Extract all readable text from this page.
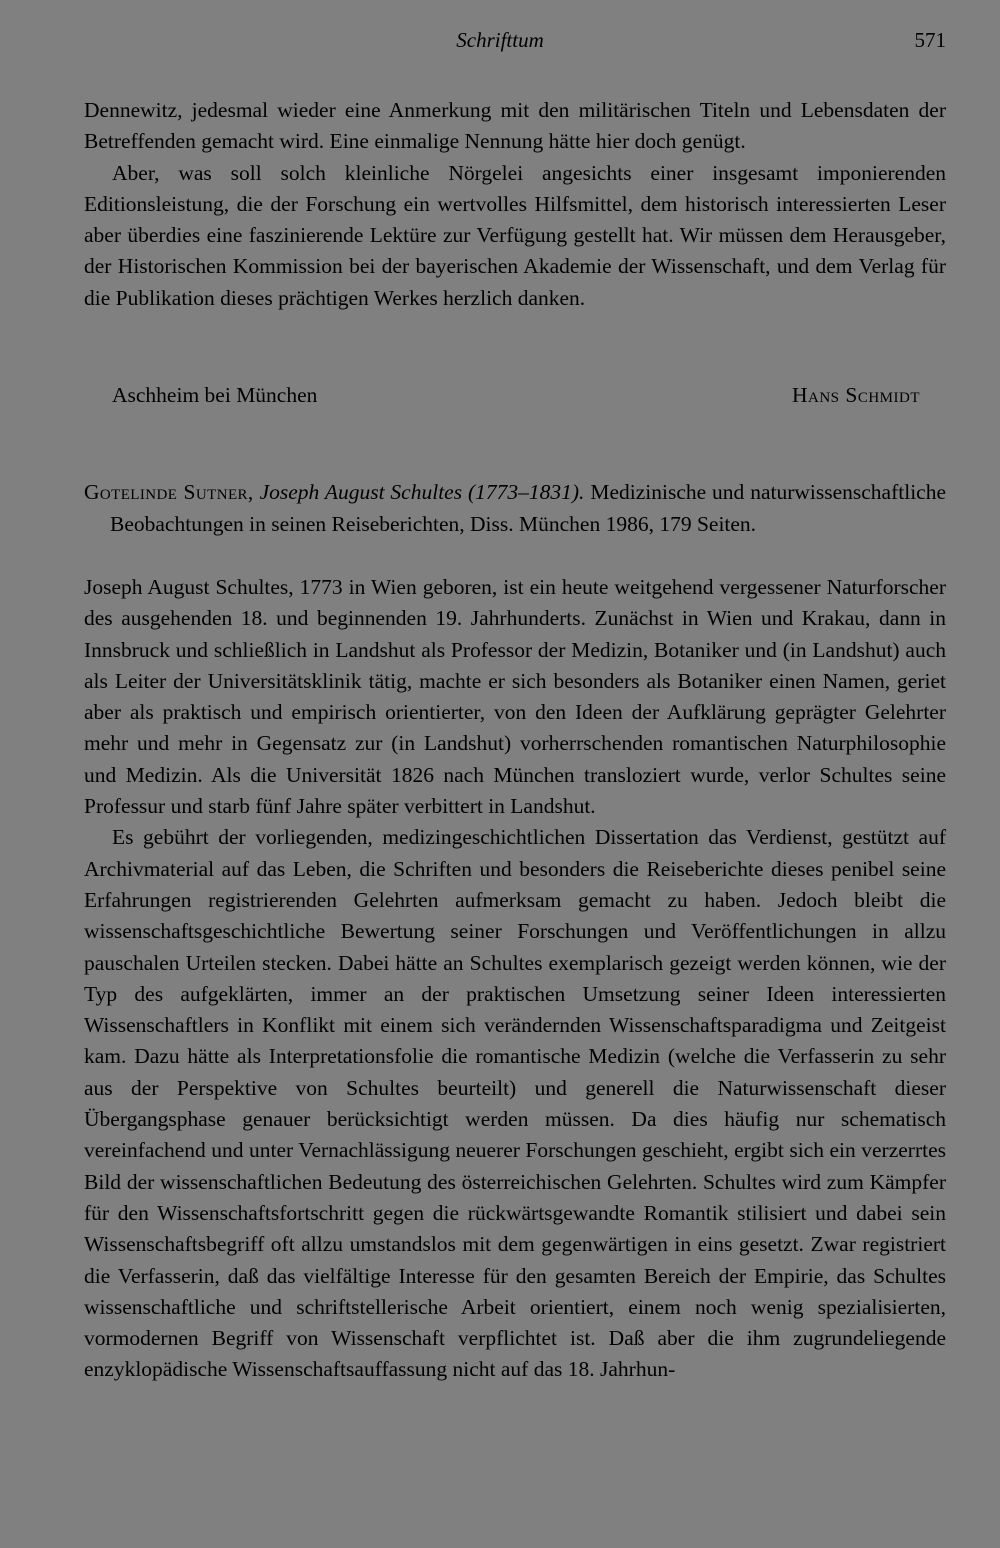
Schrifttum	571

Dennewitz, jedesmal wieder eine Anmerkung mit den militärischen Titeln und Lebensdaten der Betreffenden gemacht wird. Eine einmalige Nennung hätte hier doch genügt.

Aber, was soll solch kleinliche Nörgelei angesichts einer insgesamt imponierenden Editionsleistung, die der Forschung ein wertvolles Hilfsmittel, dem historisch interessierten Leser aber überdies eine faszinierende Lektüre zur Verfügung gestellt hat. Wir müssen dem Herausgeber, der Historischen Kommission bei der bayerischen Akademie der Wissenschaft, und dem Verlag für die Publikation dieses prächtigen Werkes herzlich danken.

Aschheim bei München	Hans Schmidt

Gotelinde Sutner, Joseph August Schultes (1773–1831). Medizinische und naturwissenschaftliche Beobachtungen in seinen Reiseberichten, Diss. München 1986, 179 Seiten.

Joseph August Schultes, 1773 in Wien geboren, ist ein heute weitgehend vergessener Naturforscher des ausgehenden 18. und beginnenden 19. Jahrhunderts. Zunächst in Wien und Krakau, dann in Innsbruck und schließlich in Landshut als Professor der Medizin, Botaniker und (in Landshut) auch als Leiter der Universitätsklinik tätig, machte er sich besonders als Botaniker einen Namen, geriet aber als praktisch und empirisch orientierter, von den Ideen der Aufklärung geprägter Gelehrter mehr und mehr in Gegensatz zur (in Landshut) vorherrschenden romantischen Naturphilosophie und Medizin. Als die Universität 1826 nach München transloziert wurde, verlor Schultes seine Professur und starb fünf Jahre später verbittert in Landshut.

Es gebührt der vorliegenden, medizingeschichtlichen Dissertation das Verdienst, gestützt auf Archivmaterial auf das Leben, die Schriften und besonders die Reiseberichte dieses penibel seine Erfahrungen registrierenden Gelehrten aufmerksam gemacht zu haben. Jedoch bleibt die wissenschaftsgeschichtliche Bewertung seiner Forschungen und Veröffentlichungen in allzu pauschalen Urteilen stecken. Dabei hätte an Schultes exemplarisch gezeigt werden können, wie der Typ des aufgeklärten, immer an der praktischen Umsetzung seiner Ideen interessierten Wissenschaftlers in Konflikt mit einem sich verändernden Wissenschaftsparadigma und Zeitgeist kam. Dazu hätte als Interpretationsfolie die romantische Medizin (welche die Verfasserin zu sehr aus der Perspektive von Schultes beurteilt) und generell die Naturwissenschaft dieser Übergangsphase genauer berücksichtigt werden müssen. Da dies häufig nur schematisch vereinfachend und unter Vernachlässigung neuerer Forschungen geschieht, ergibt sich ein verzerrtes Bild der wissenschaftlichen Bedeutung des österreichischen Gelehrten. Schultes wird zum Kämpfer für den Wissenschaftsfortschritt gegen die rückwärtsgewandte Romantik stilisiert und dabei sein Wissenschaftsbegriff oft allzu umstandslos mit dem gegenwärtigen in eins gesetzt. Zwar registriert die Verfasserin, daß das vielfältige Interesse für den gesamten Bereich der Empirie, das Schultes wissenschaftliche und schriftstellerische Arbeit orientiert, einem noch wenig spezialisierten, vormodernen Begriff von Wissenschaft verpflichtet ist. Daß aber die ihm zugrundeliegende enzyklopädische Wissenschaftsauffassung nicht auf das 18. Jahrhun-
